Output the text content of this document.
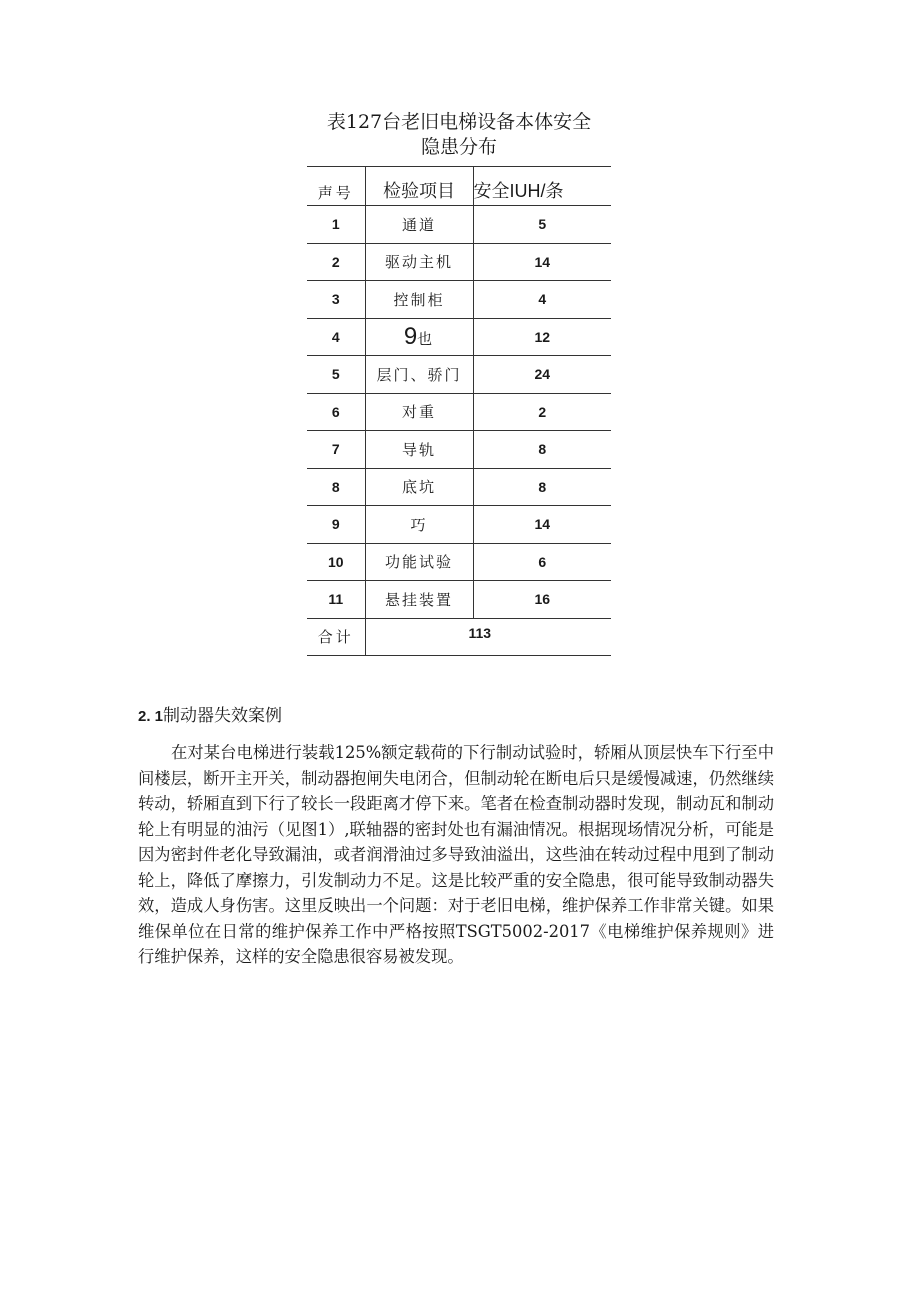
表127台老旧电梯设备本体安全
隐患分布
声号	检验项目	安全IUH/条
1	通道	5
2	驱动主机	14
3	控制柜	4
4	9也	12
5	层门、骄门	24
6	对重	2
7	导轨	8
8	底坑	8
9	巧	14
10	功能试验	6
11	悬挂装置	16
合计	113	
2. 1制动器失效案例

在对某台电梯进行装载125%额定载荷的下行制动试验时，轿厢从顶层快车下行至中间楼层，断开主开关，制动器抱闸失电闭合，但制动轮在断电后只是缓慢减速，仍然继续转动，轿厢直到下行了较长一段距离才停下来。笔者在检查制动器时发现，制动瓦和制动轮上有明显的油污（见图1）,联轴器的密封处也有漏油情况。根据现场情况分析，可能是因为密封件老化导致漏油，或者润滑油过多导致油溢出，这些油在转动过程中甩到了制动轮上，降低了摩擦力，引发制动力不足。这是比较严重的安全隐患，很可能导致制动器失效，造成人身伤害。这里反映出一个问题：对于老旧电梯，维护保养工作非常关键。如果维保单位在日常的维护保养工作中严格按照TSGT5002-2017《电梯维护保养规则》进行维护保养，这样的安全隐患很容易被发现。
